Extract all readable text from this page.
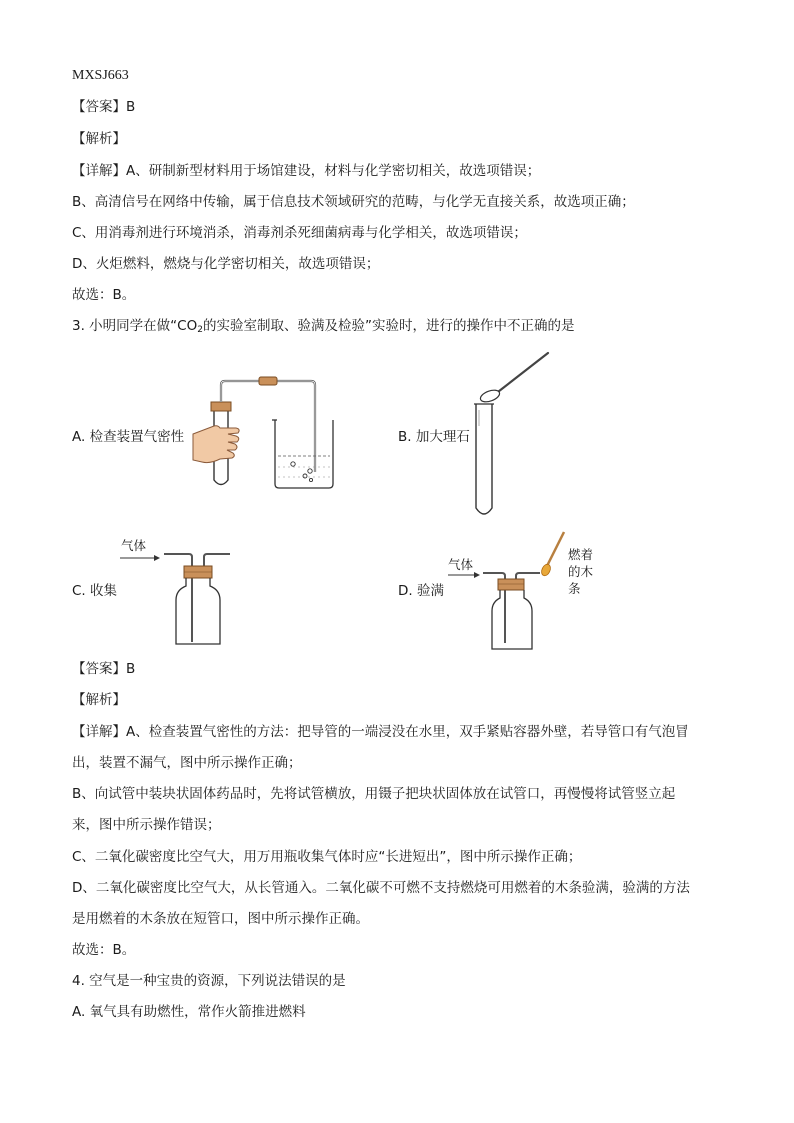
MXSJ663
【答案】B
【解析】
【详解】A、研制新型材料用于场馆建设，材料与化学密切相关，故选项错误；
B、高清信号在网络中传输，属于信息技术领域研究的范畴，与化学无直接关系，故选项正确；
C、用消毒剂进行环境消杀，消毒剂杀死细菌病毒与化学相关，故选项错误；
D、火炬燃料，燃烧与化学密切相关，故选项错误；
故选：B。
3. 小明同学在做“$CO_2$的实验室制取、验满及检验”实验时，进行的操作中不正确的是
A. 检查装置气密性	B. 加大理石
C. 收集
气体
D. 验满
气体
燃着
的木
条
【答案】B
【解析】
【详解】A、检查装置气密性的方法：把导管的一端浸没在水里，双手紧贴容器外壁，若导管口有气泡冒
出，装置不漏气，图中所示操作正确；
B、向试管中装块状固体药品时，先将试管横放，用镊子把块状固体放在试管口，再慢慢将试管竖立起
来，图中所示操作错误；
C、二氧化碳密度比空气大，用万用瓶收集气体时应“长进短出”，图中所示操作正确；
D、二氧化碳密度比空气大，从长管通入。二氧化碳不可燃不支持燃烧可用燃着的木条验满，验满的方法
是用燃着的木条放在短管口，图中所示操作正确。
故选：B。
4. 空气是一种宝贵的资源，下列说法错误的是
A. 氧气具有助燃性，常作火箭推进燃料
